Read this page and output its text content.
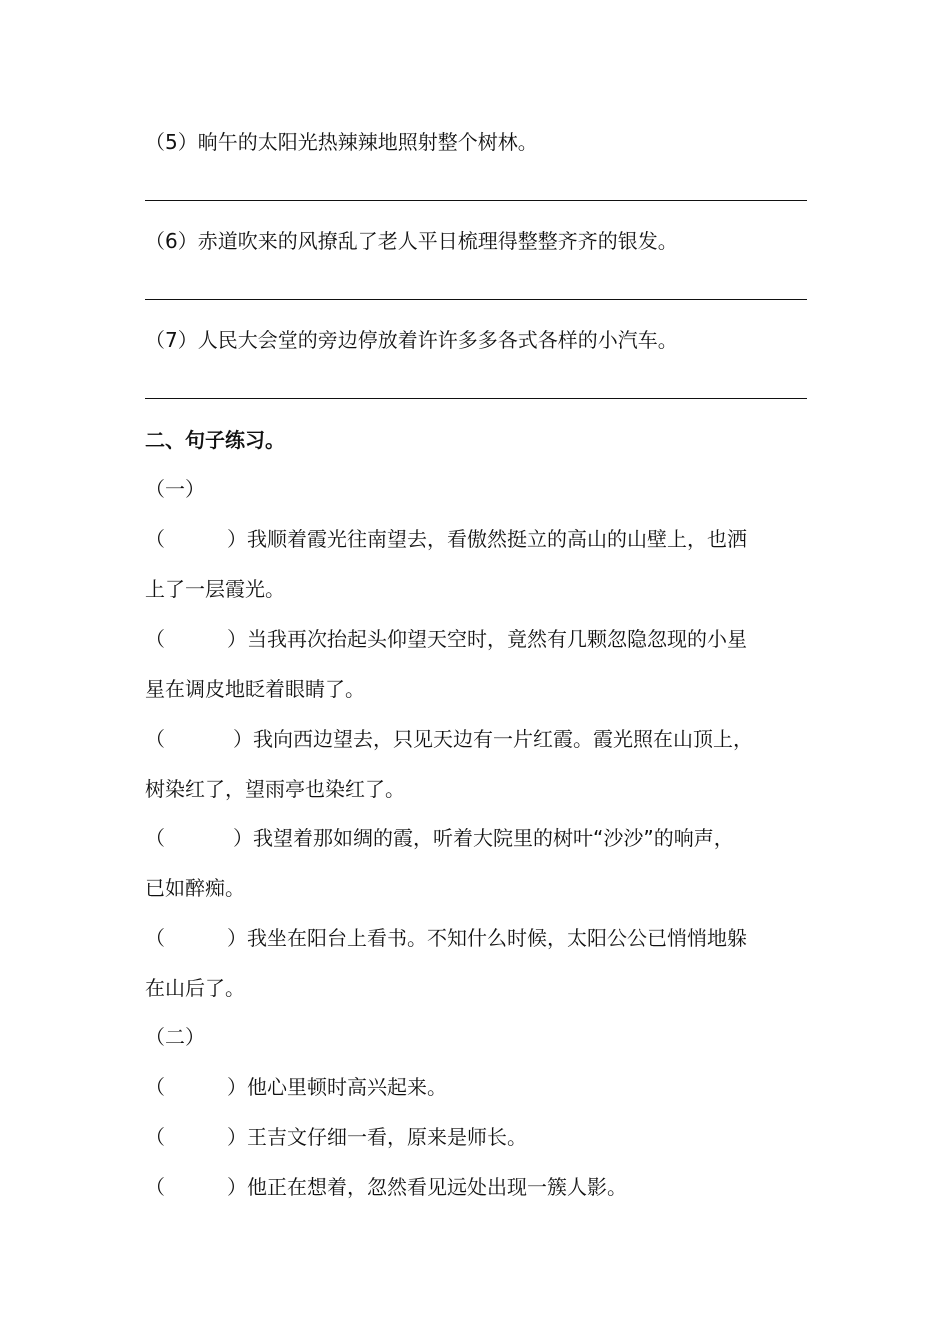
（5）晌午的太阳光热辣辣地照射整个树林。
（6）赤道吹来的风撩乱了老人平日梳理得整整齐齐的银发。
（7）人民大会堂的旁边停放着许许多多各式各样的小汽车。
二、句子练习。
（一）
（	）我顺着霞光往南望去，看傲然挺立的高山的山壁上，也洒
上了一层霞光。
（	）当我再次抬起头仰望天空时，竟然有几颗忽隐忽现的小星
星在调皮地眨着眼睛了。
（	）我向西边望去，只见天边有一片红霞。霞光照在山顶上，
树染红了，望雨亭也染红了。
（	）我望着那如绸的霞，听着大院里的树叶“沙沙”的响声，
已如醉痴。
（	）我坐在阳台上看书。不知什么时候，太阳公公已悄悄地躲
在山后了。
（二）
（	）他心里顿时高兴起来。
（	）王吉文仔细一看，原来是师长。
（	）他正在想着，忽然看见远处出现一簇人影。
